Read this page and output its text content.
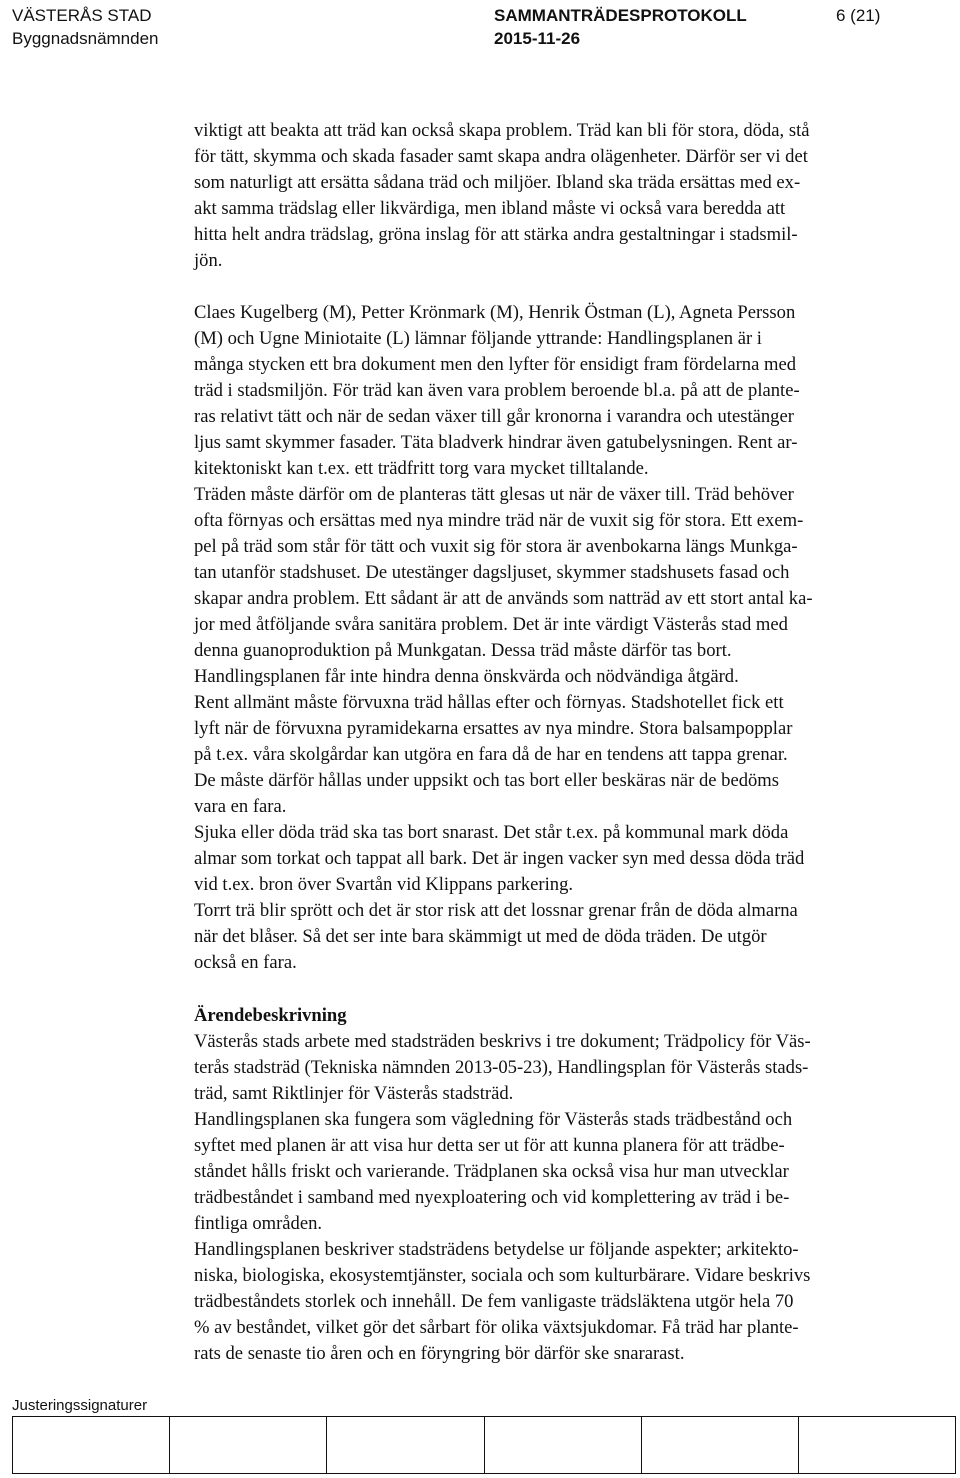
VÄSTERÅS STAD
Byggnadsnämnden
SAMMANTRÄDESPROTOKOLL
2015-11-26
6 (21)

viktigt att beakta att träd kan också skapa problem. Träd kan bli för stora, döda, stå
för tätt, skymma och skada fasader samt skapa andra olägenheter. Därför ser vi det
som naturligt att ersätta sådana träd och miljöer. Ibland ska träda ersättas med ex-
akt samma trädslag eller likvärdiga, men ibland måste vi också vara beredda att
hitta helt andra trädslag, gröna inslag för att stärka andra gestaltningar i stadsmil-
jön.

Claes Kugelberg (M), Petter Krönmark (M), Henrik Östman (L), Agneta Persson
(M) och Ugne Miniotaite (L) lämnar följande yttrande: Handlingsplanen är i
många stycken ett bra dokument men den lyfter för ensidigt fram fördelarna med
träd i stadsmiljön. För träd kan även vara problem beroende bl.a. på att de plante-
ras relativt tätt och när de sedan växer till går kronorna i varandra och utestänger
ljus samt skymmer fasader. Täta bladverk hindrar även gatubelysningen. Rent ar-
kitektoniskt kan t.ex. ett trädfritt torg vara mycket tilltalande.
Träden måste därför om de planteras tätt glesas ut när de växer till. Träd behöver
ofta förnyas och ersättas med nya mindre träd när de vuxit sig för stora. Ett exem-
pel på träd som står för tätt och vuxit sig för stora är avenbokarna längs Munkga-
tan utanför stadshuset. De utestänger dagsljuset, skymmer stadshusets fasad och
skapar andra problem. Ett sådant är att de används som natträd av ett stort antal ka-
jor med åtföljande svåra sanitära problem. Det är inte värdigt Västerås stad med
denna guanoproduktion på Munkgatan. Dessa träd måste därför tas bort.
Handlingsplanen får inte hindra denna önskvärda och nödvändiga åtgärd.
Rent allmänt måste förvuxna träd hållas efter och förnyas. Stadshotellet fick ett
lyft när de förvuxna pyramidekarna ersattes av nya mindre. Stora balsampopplar
på t.ex. våra skolgårdar kan utgöra en fara då de har en tendens att tappa grenar.
De måste därför hållas under uppsikt och tas bort eller beskäras när de bedöms
vara en fara.
Sjuka eller döda träd ska tas bort snarast. Det står t.ex. på kommunal mark döda
almar som torkat och tappat all bark. Det är ingen vacker syn med dessa döda träd
vid t.ex. bron över Svartån vid Klippans parkering.
Torrt trä blir sprött och det är stor risk att det lossnar grenar från de döda almarna
när det blåser. Så det ser inte bara skämmigt ut med de döda träden. De utgör
också en fara.

Ärendebeskrivning

Västerås stads arbete med stadsträden beskrivs i tre dokument; Trädpolicy för Väs-
terås stadsträd (Tekniska nämnden 2013-05-23), Handlingsplan för Västerås stads-
träd, samt Riktlinjer för Västerås stadsträd.
Handlingsplanen ska fungera som vägledning för Västerås stads trädbestånd och
syftet med planen är att visa hur detta ser ut för att kunna planera för att trädbe-
ståndet hålls friskt och varierande. Trädplanen ska också visa hur man utvecklar
trädbeståndet i samband med nyexploatering och vid komplettering av träd i be-
fintliga områden.
Handlingsplanen beskriver stadsträdens betydelse ur följande aspekter; arkitekto-
niska, biologiska, ekosystemtjänster, sociala och som kulturbärare. Vidare beskrivs
trädbeståndets storlek och innehåll. De fem vanligaste trädsläktena utgör hela 70
% av beståndet, vilket gör det sårbart för olika växtsjukdomar. Få träd har plante-
rats de senaste tio åren och en föryngring bör därför ske snararast.

Justeringssignaturer
